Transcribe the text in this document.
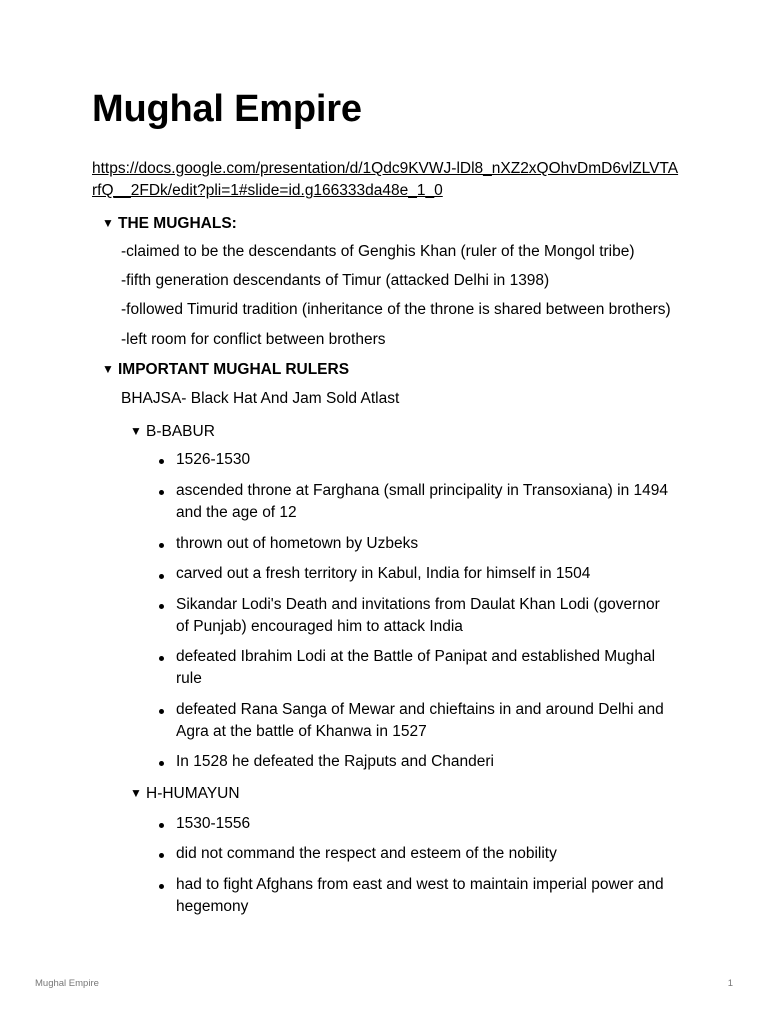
Mughal Empire
https://docs.google.com/presentation/d/1Qdc9KVWJ-lDl8_nXZ2xQOhvDmD6vlZLVTArfQ__2FDk/edit?pli=1#slide=id.g166333da48e_1_0
▼ THE MUGHALS:
-claimed to be the descendants of Genghis Khan (ruler of the Mongol tribe)
-fifth generation descendants of Timur (attacked Delhi in 1398)
-followed Timurid tradition (inheritance of the throne is shared between brothers)
-left room for conflict between brothers
▼ IMPORTANT MUGHAL RULERS
BHAJSA- Black Hat And Jam Sold Atlast
▼ B-BABUR
1526-1530
ascended throne at Farghana (small principality in Transoxiana) in 1494 and the age of 12
thrown out of hometown by Uzbeks
carved out a fresh territory in Kabul, India for himself in 1504
Sikandar Lodi's Death and invitations from Daulat Khan Lodi (governor of Punjab) encouraged him to attack India
defeated Ibrahim Lodi at the Battle of Panipat and established Mughal rule
defeated Rana Sanga of Mewar and chieftains in and around Delhi and Agra at the battle of Khanwa in 1527
In 1528 he defeated the Rajputs and Chanderi
▼ H-HUMAYUN
1530-1556
did not command the respect and esteem of the nobility
had to fight Afghans from east and west to maintain imperial power and hegemony
Mughal Empire	1
